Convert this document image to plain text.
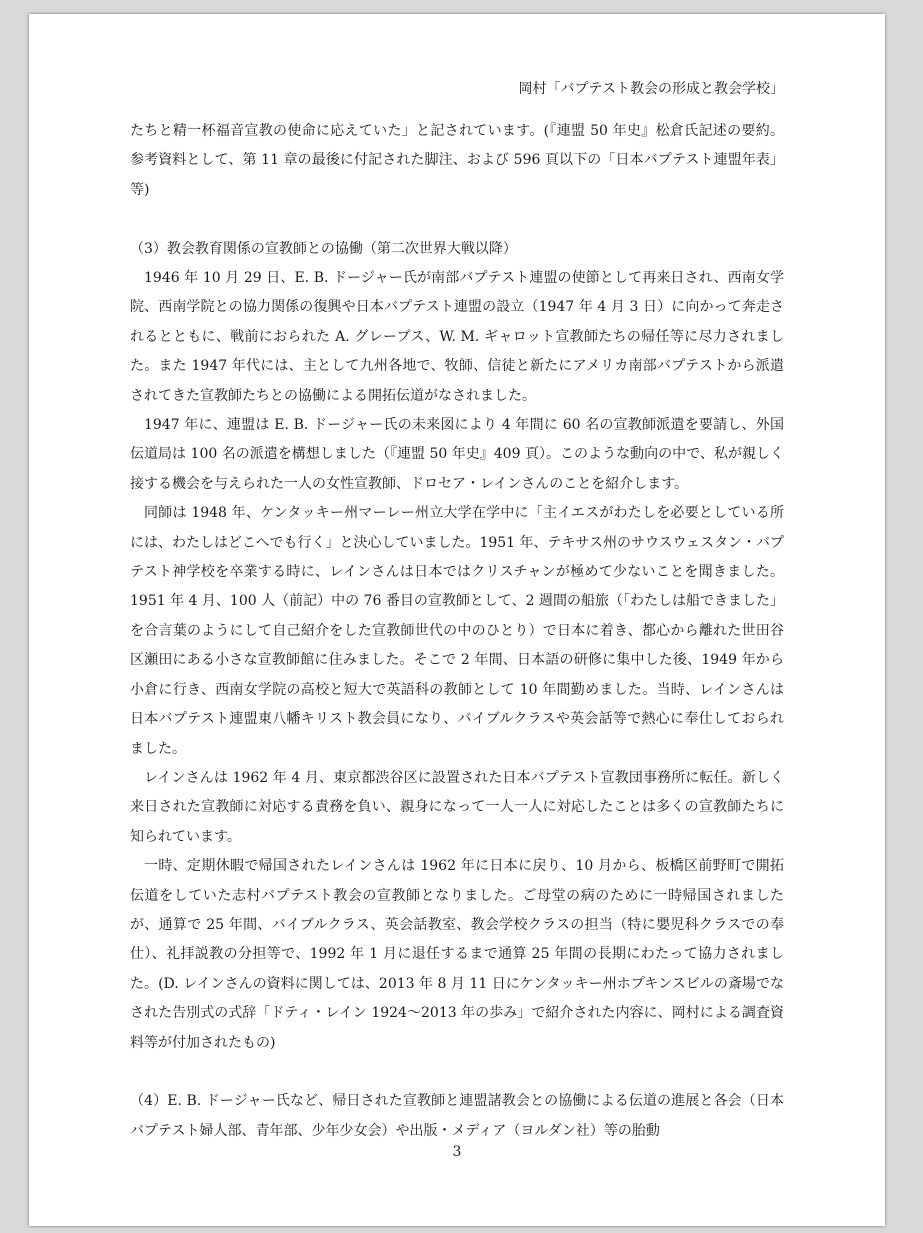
岡村「バプテスト教会の形成と教会学校」

たちと精一杯福音宣教の使命に応えていた」と記されています。(『連盟 50 年史』松倉氏記述の要約。参考資料として、第 11 章の最後に付記された脚注、および 596 頁以下の「日本バプテスト連盟年表」等)

（3）教会教育関係の宣教師との協働（第二次世界大戦以降）

1946 年 10 月 29 日、E. B. ドージャー氏が南部バプテスト連盟の使節として再来日され、西南女学院、西南学院との協力関係の復興や日本バプテスト連盟の設立（1947 年 4 月 3 日）に向かって奔走されるとともに、戦前におられた A. グレーブス、W. M. ギャロット宣教師たちの帰任等に尽力されました。また 1947 年代には、主として九州各地で、牧師、信徒と新たにアメリカ南部バプテストから派遣されてきた宣教師たちとの協働による開拓伝道がなされました。

1947 年に、連盟は E. B. ドージャー氏の未来図により 4 年間に 60 名の宣教師派遣を要請し、外国伝道局は 100 名の派遣を構想しました（『連盟 50 年史』409 頁）。このような動向の中で、私が親しく接する機会を与えられた一人の女性宣教師、ドロセア・レインさんのことを紹介します。

同師は 1948 年、ケンタッキー州マーレー州立大学在学中に「主イエスがわたしを必要としている所には、わたしはどこへでも行く」と決心していました。1951 年、テキサス州のサウスウェスタン・バプテスト神学校を卒業する時に、レインさんは日本ではクリスチャンが極めて少ないことを聞きました。1951 年 4 月、100 人（前記）中の 76 番目の宣教師として、2 週間の船旅（「わたしは船できました」を合言葉のようにして自己紹介をした宣教師世代の中のひとり）で日本に着き、都心から離れた世田谷区瀬田にある小さな宣教師館に住みました。そこで 2 年間、日本語の研修に集中した後、1949 年から小倉に行き、西南女学院の高校と短大で英語科の教師として 10 年間勤めました。当時、レインさんは日本バプテスト連盟東八幡キリスト教会員になり、バイブルクラスや英会話等で熱心に奉仕しておられました。

レインさんは 1962 年 4 月、東京都渋谷区に設置された日本バプテスト宣教団事務所に転任。新しく来日された宣教師に対応する責務を負い、親身になって一人一人に対応したことは多くの宣教師たちに知られています。

一時、定期休暇で帰国されたレインさんは 1962 年に日本に戻り、10 月から、板橋区前野町で開拓伝道をしていた志村バプテスト教会の宣教師となりました。ご母堂の病のために一時帰国されましたが、通算で 25 年間、バイブルクラス、英会話教室、教会学校クラスの担当（特に嬰児科クラスでの奉仕）、礼拝説教の分担等で、1992 年 1 月に退任するまで通算 25 年間の長期にわたって協力されました。(D. レインさんの資料に関しては、2013 年 8 月 11 日にケンタッキー州ホプキンスビルの斎場でなされた告別式の式辞「ドティ・レイン 1924〜2013 年の歩み」で紹介された内容に、岡村による調査資料等が付加されたもの)

（4）E. B. ドージャー氏など、帰日された宣教師と連盟諸教会との協働による伝道の進展と各会（日本バプテスト婦人部、青年部、少年少女会）や出版・メディア（ヨルダン社）等の胎動

3
